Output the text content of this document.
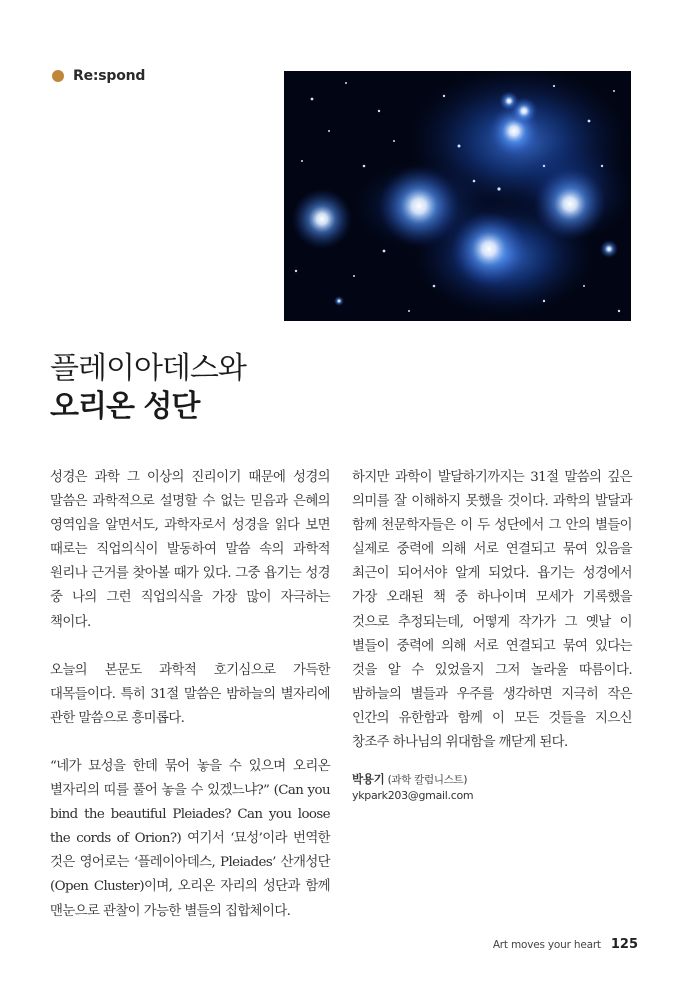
Re:spond
플레이아데스와
오리온 성단

성경은 과학 그 이상의 진리이기 때문에 성경의 말씀은 과학적으로 설명할 수 없는 믿음과 은혜의 영역임을 알면서도, 과학자로서 성경을 읽다 보면 때로는 직업의식이 발동하여 말씀 속의 과학적 원리나 근거를 찾아볼 때가 있다. 그중 욥기는 성경 중 나의 그런 직업의식을 가장 많이 자극하는 책이다.

오늘의 본문도 과학적 호기심으로 가득한 대목들이다. 특히 31절 말씀은 밤하늘의 별자리에 관한 말씀으로 흥미롭다.

“네가 묘성을 한데 묶어 놓을 수 있으며 오리온 별자리의 띠를 풀어 놓을 수 있겠느냐?” (Can you bind the beautiful Pleiades? Can you loose the cords of Orion?) 여기서 ‘묘성’이라 번역한 것은 영어로는 ‘플레이아데스, Pleiades’ 산개성단(Open Cluster)이며, 오리온 자리의 성단과 함께 맨눈으로 관찰이 가능한 별들의 집합체이다.

하지만 과학이 발달하기까지는 31절 말씀의 깊은 의미를 잘 이해하지 못했을 것이다. 과학의 발달과 함께 천문학자들은 이 두 성단에서 그 안의 별들이 실제로 중력에 의해 서로 연결되고 묶여 있음을 최근이 되어서야 알게 되었다. 욥기는 성경에서 가장 오래된 책 중 하나이며 모세가 기록했을 것으로 추정되는데, 어떻게 작가가 그 옛날 이 별들이 중력에 의해 서로 연결되고 묶여 있다는 것을 알 수 있었을지 그저 놀라울 따름이다. 밤하늘의 별들과 우주를 생각하면 지극히 작은 인간의 유한함과 함께 이 모든 것들을 지으신 창조주 하나님의 위대함을 깨닫게 된다.

박용기 (과학 칼럼니스트)
ykpark203@gmail.com
Art moves your heart 125
